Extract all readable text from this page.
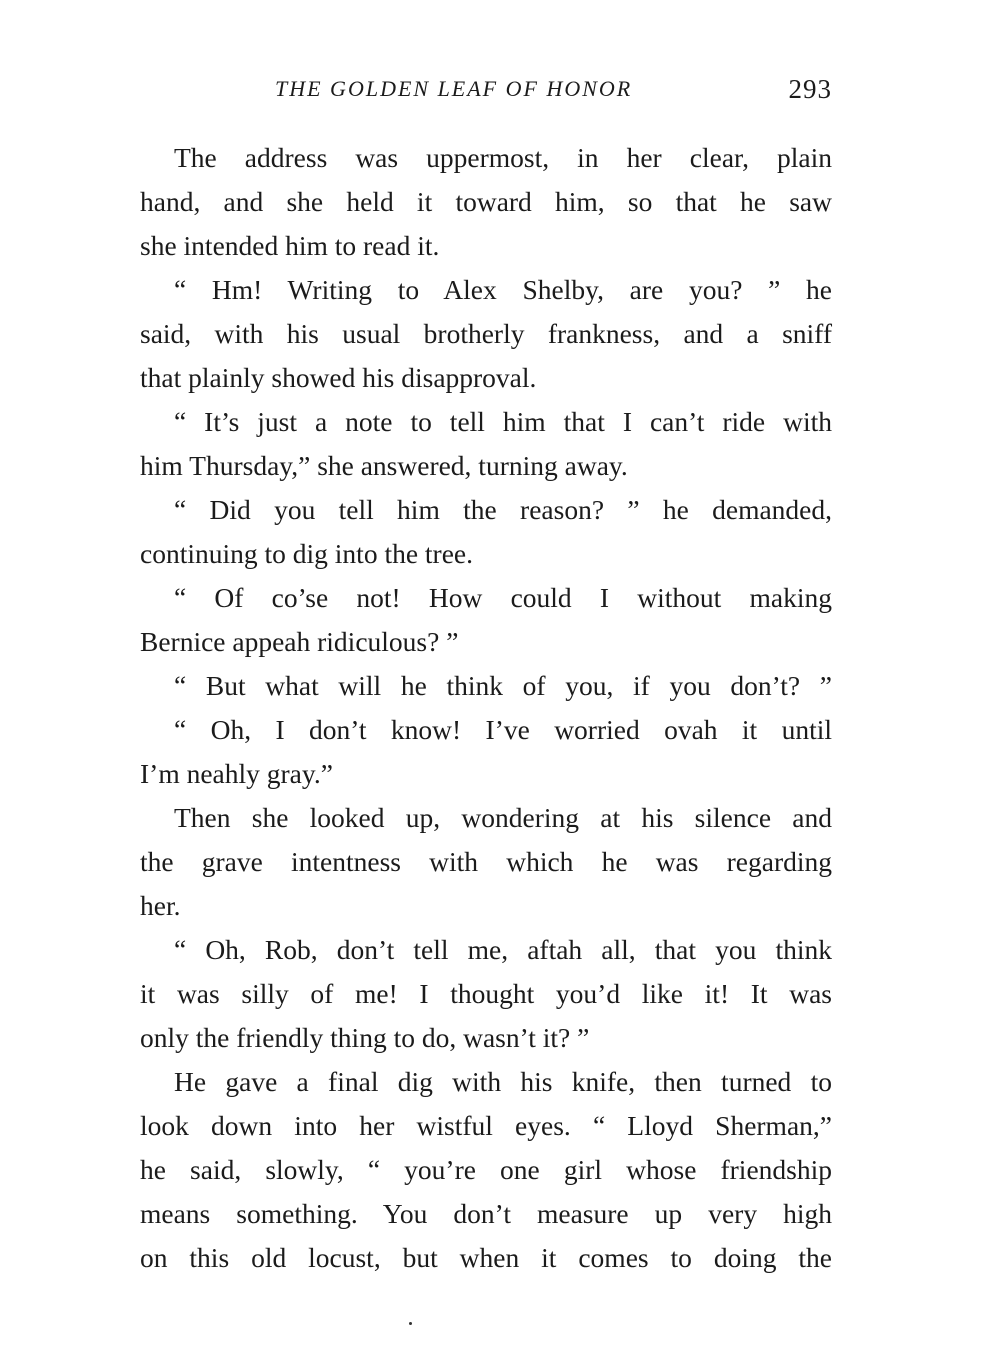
THE GOLDEN LEAF OF HONOR	293
The address was uppermost, in her clear, plain
hand, and she held it toward him, so that he saw
she intended him to read it.
“ Hm! Writing to Alex Shelby, are you? ” he
said, with his usual brotherly frankness, and a sniff
that plainly showed his disapproval.
“ It’s just a note to tell him that I can’t ride with
him Thursday,” she answered, turning away.
“ Did you tell him the reason? ” he demanded,
continuing to dig into the tree.
“ Of co’se not! How could I without making
Bernice appeah ridiculous? ”
“ But what will he think of you, if you don’t? ”
“ Oh, I don’t know! I’ve worried ovah it until
I’m neahly gray.”
Then she looked up, wondering at his silence and
the grave intentness with which he was regarding
her.
“ Oh, Rob, don’t tell me, aftah all, that you think
it was silly of me! I thought you’d like it! It was
only the friendly thing to do, wasn’t it? ”
He gave a final dig with his knife, then turned to
look down into her wistful eyes. “ Lloyd Sherman,”
he said, slowly, “ you’re one girl whose friendship
means something. You don’t measure up very high
on this old locust, but when it comes to doing the
